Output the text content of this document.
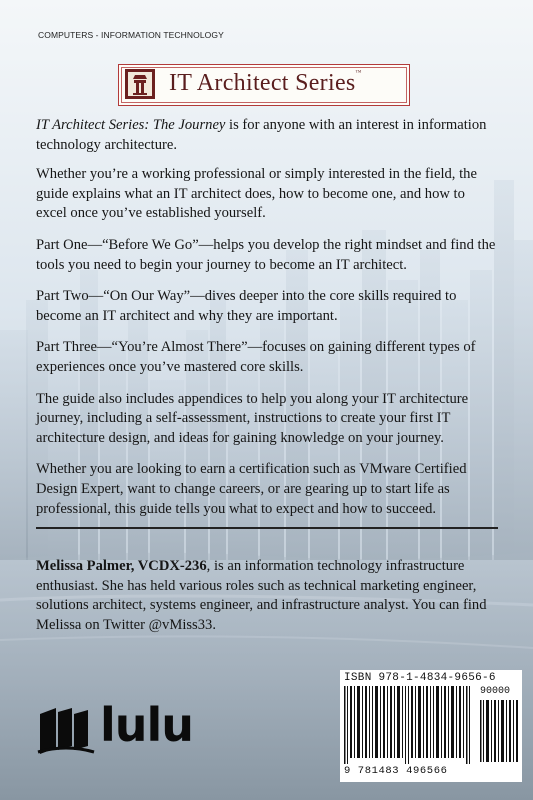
COMPUTERS - INFORMATION TECHNOLOGY
IT Architect Series™

IT Architect Series: The Journey is for anyone with an interest in information technology architecture.

Whether you’re a working professional or simply interested in the field, the guide explains what an IT architect does, how to become one, and how to excel once you’ve established yourself.

Part One—“Before We Go”—helps you develop the right mindset and find the tools you need to begin your journey to become an IT architect.

Part Two—“On Our Way”—dives deeper into the core skills required to become an IT architect and why they are important.

Part Three—“You’re Almost There”—focuses on gaining different types of experiences once you’ve mastered core skills.

The guide also includes appendices to help you along your IT architecture journey, including a self-assessment, instructions to create your first IT architecture design, and ideas for gaining knowledge on your journey.

Whether you are looking to earn a certification such as VMware Certified Design Expert, want to change careers, or are gearing up to start life as professional, this guide tells you what to expect and how to succeed.

Melissa Palmer, VCDX-236, is an information technology infrastructure enthusiast. She has held various roles such as technical marketing engineer, solutions architect, systems engineer, and infrastructure analyst. You can find Melissa on Twitter @vMiss33.
lulu
ISBN 978-1-4834-9656-6
90000
9 781483 496566
